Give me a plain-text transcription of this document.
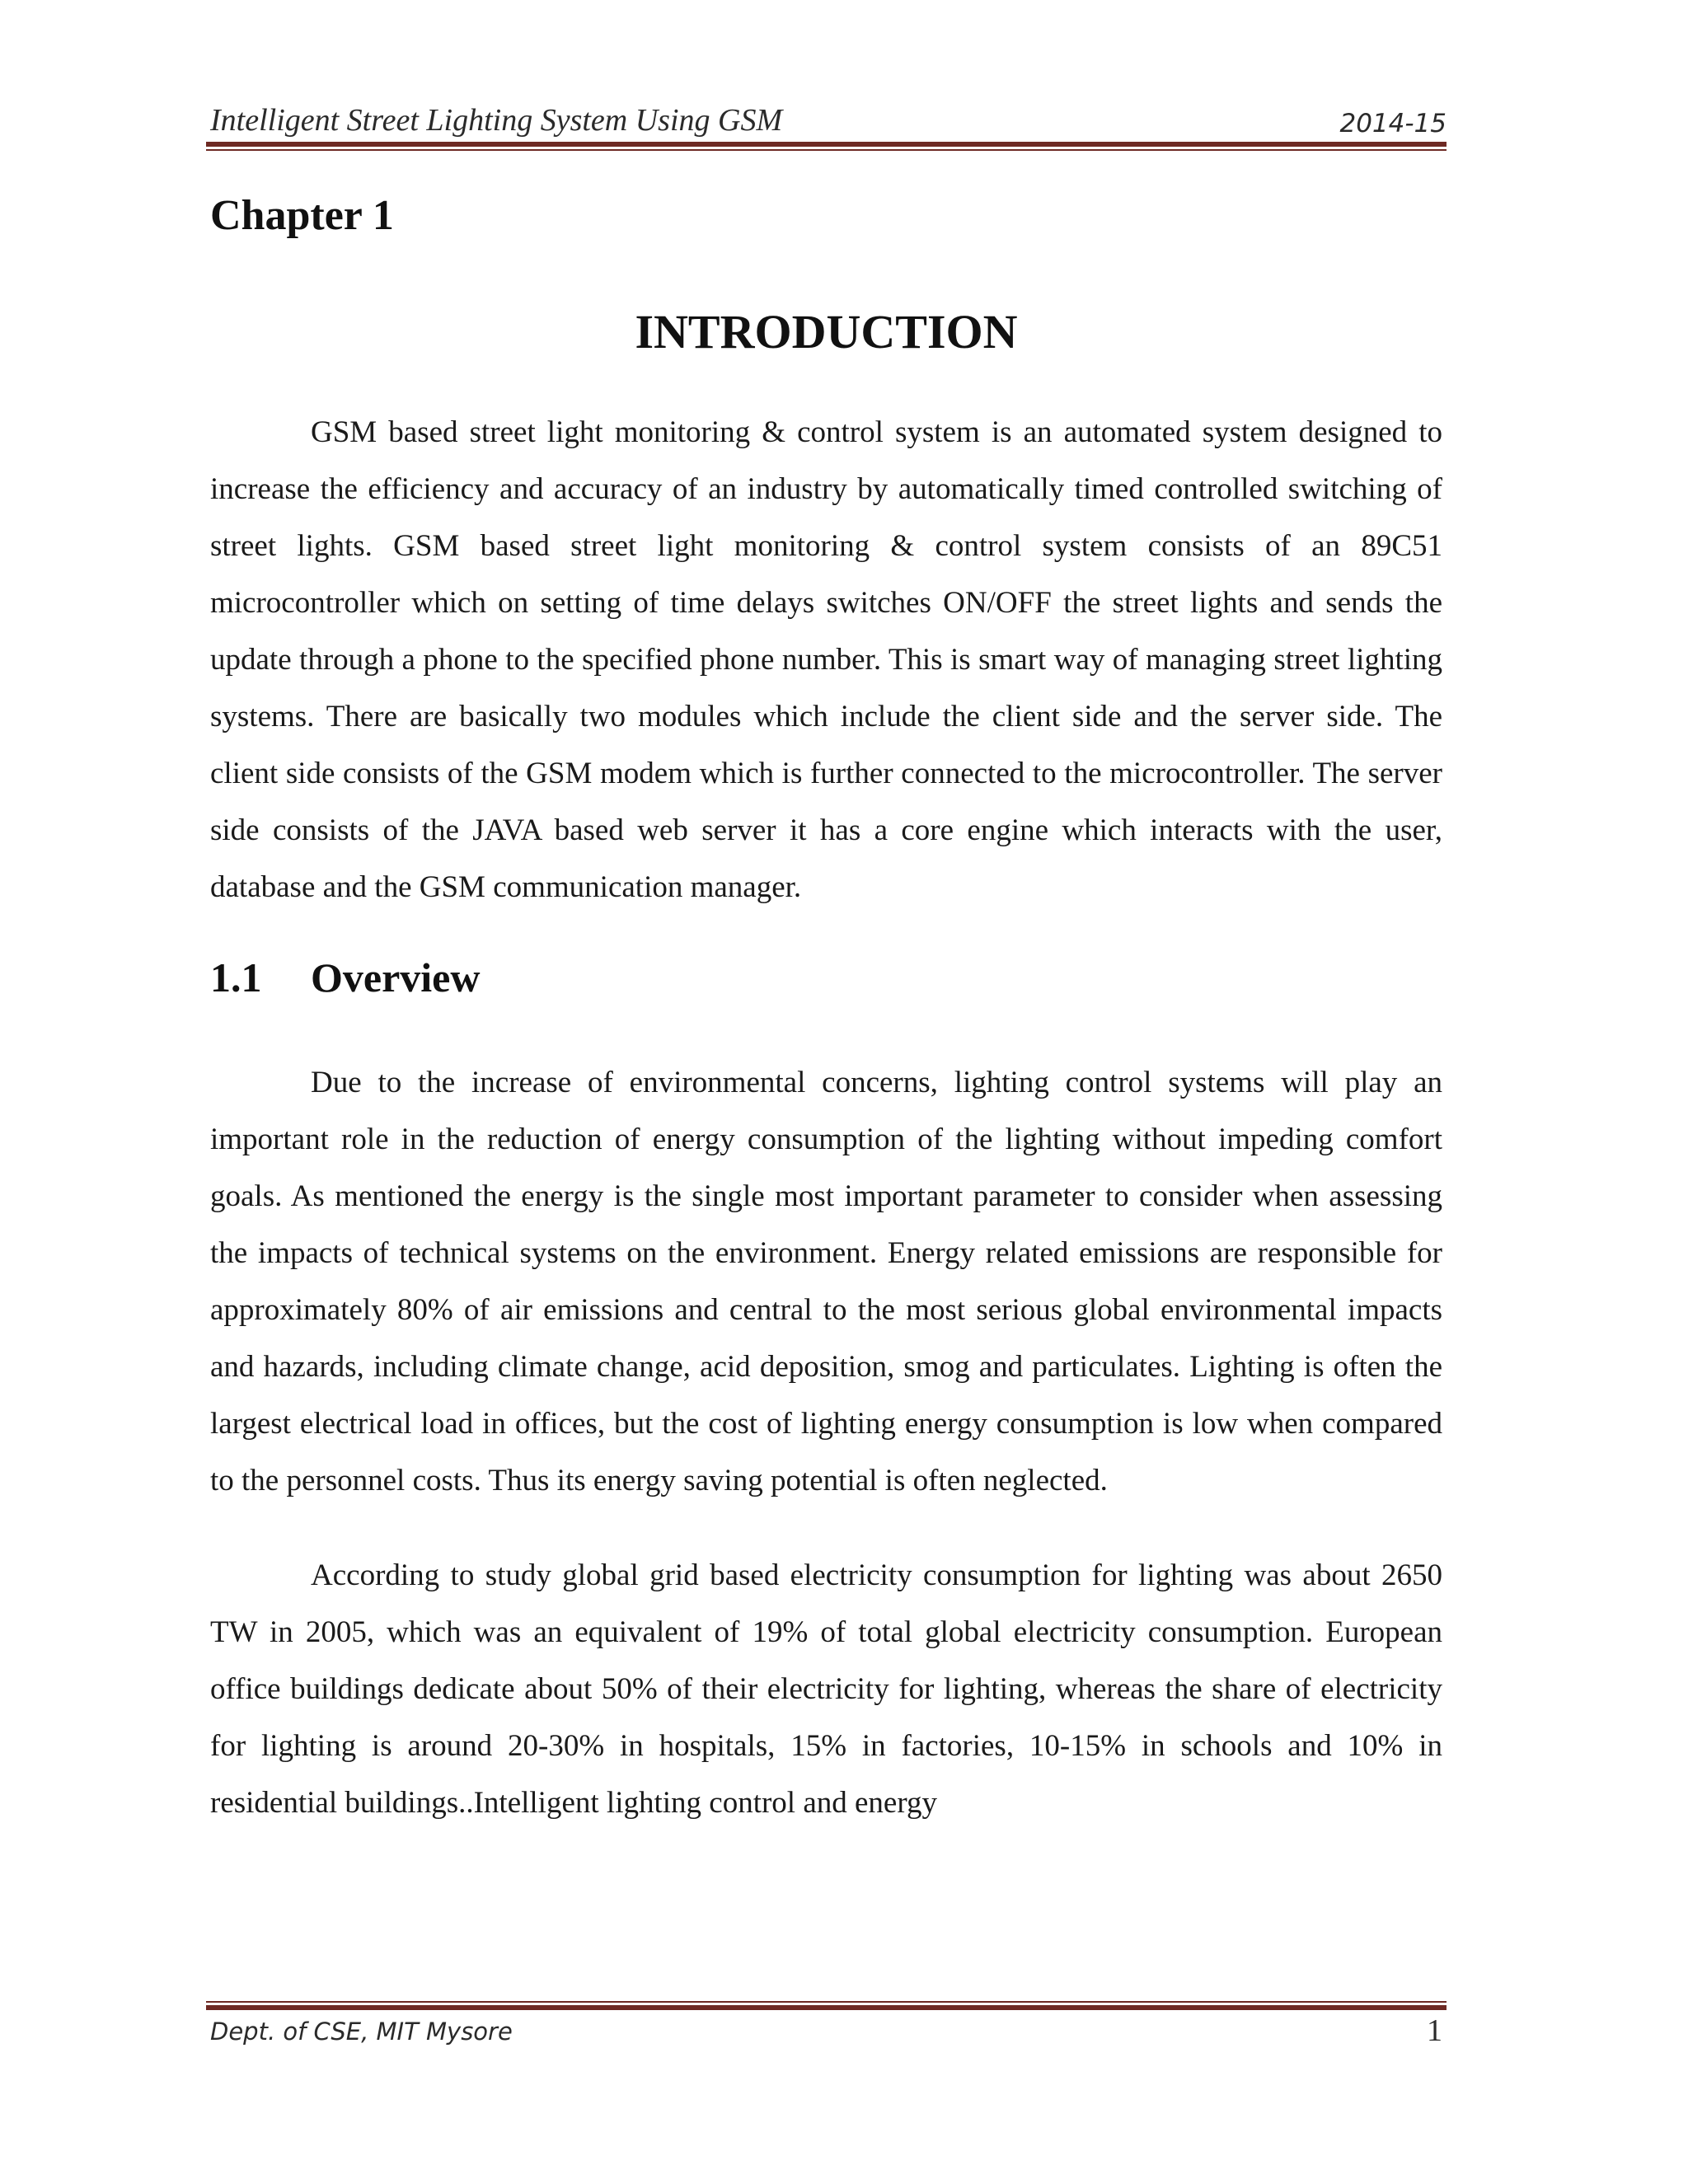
Intelligent Street Lighting System Using GSM	2014-15
Chapter 1
INTRODUCTION

GSM based street light monitoring & control system is an automated system designed to increase the efficiency and accuracy of an industry by automatically timed controlled switching of street lights. GSM based street light monitoring & control system consists of an 89C51 microcontroller which on setting of time delays switches ON/OFF the street lights and sends the update through a phone to the specified phone number. This is smart way of managing street lighting systems. There are basically two modules which include the client side and the server side. The client side consists of the GSM modem which is further connected to the microcontroller. The server side consists of the JAVA based web server it has a core engine which interacts with the user, database and the GSM communication manager.

1.1 Overview

Due to the increase of environmental concerns, lighting control systems will play an important role in the reduction of energy consumption of the lighting without impeding comfort goals. As mentioned the energy is the single most important parameter to consider when assessing the impacts of technical systems on the environment. Energy related emissions are responsible for approximately 80% of air emissions and central to the most serious global environmental impacts and hazards, including climate change, acid deposition, smog and particulates. Lighting is often the largest electrical load in offices, but the cost of lighting energy consumption is low when compared to the personnel costs. Thus its energy saving potential is often neglected.

According to study global grid based electricity consumption for lighting was about 2650 TW in 2005, which was an equivalent of 19% of total global electricity consumption. European office buildings dedicate about 50% of their electricity for lighting, whereas the share of electricity for lighting is around 20-30% in hospitals, 15% in factories, 10-15% in schools and 10% in residential buildings..Intelligent lighting control and energy

Dept. of CSE, MIT Mysore	1
